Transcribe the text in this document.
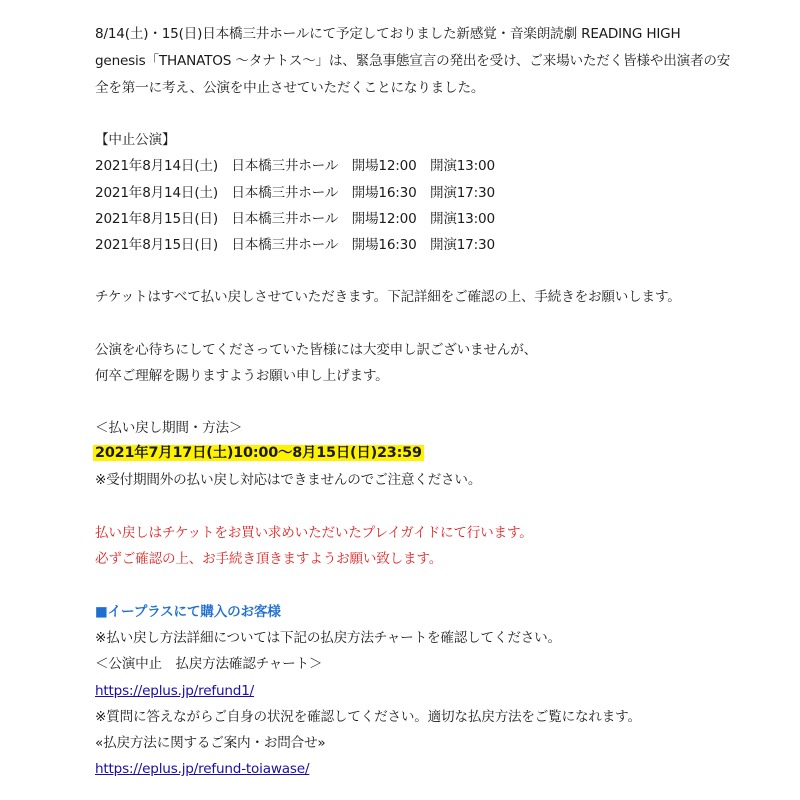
8/14(土)・15(日)日本橋三井ホールにて予定しておりました新感覚・音楽朗読劇 READING HIGH
genesis「THANATOS ～タナトス～」は、緊急事態宣言の発出を受け、ご来場いただく皆様や出演者の安
全を第一に考え、公演を中止させていただくことになりました。
【中止公演】
2021年8月14日(土)　日本橋三井ホール　開場12:00　開演13:00
2021年8月14日(土)　日本橋三井ホール　開場16:30　開演17:30
2021年8月15日(日)　日本橋三井ホール　開場12:00　開演13:00
2021年8月15日(日)　日本橋三井ホール　開場16:30　開演17:30
チケットはすべて払い戻しさせていただきます。下記詳細をご確認の上、手続きをお願いします。
公演を心待ちにしてくださっていた皆様には大変申し訳ございませんが、
何卒ご理解を賜りますようお願い申し上げます。
＜払い戻し期間・方法＞
2021年7月17日(土)10:00～8月15日(日)23:59
※受付期間外の払い戻し対応はできませんのでご注意ください。
払い戻しはチケットをお買い求めいただいたプレイガイドにて行います。
必ずご確認の上、お手続き頂きますようお願い致します。
■イープラスにて購入のお客様
※払い戻し方法詳細については下記の払戻方法チャートを確認してください。
＜公演中止　払戻方法確認チャート＞
https://eplus.jp/refund1/
※質問に答えながらご自身の状況を確認してください。適切な払戻方法をご覧になれます。
«払戻方法に関するご案内・お問合せ»
https://eplus.jp/refund-toiawase/
